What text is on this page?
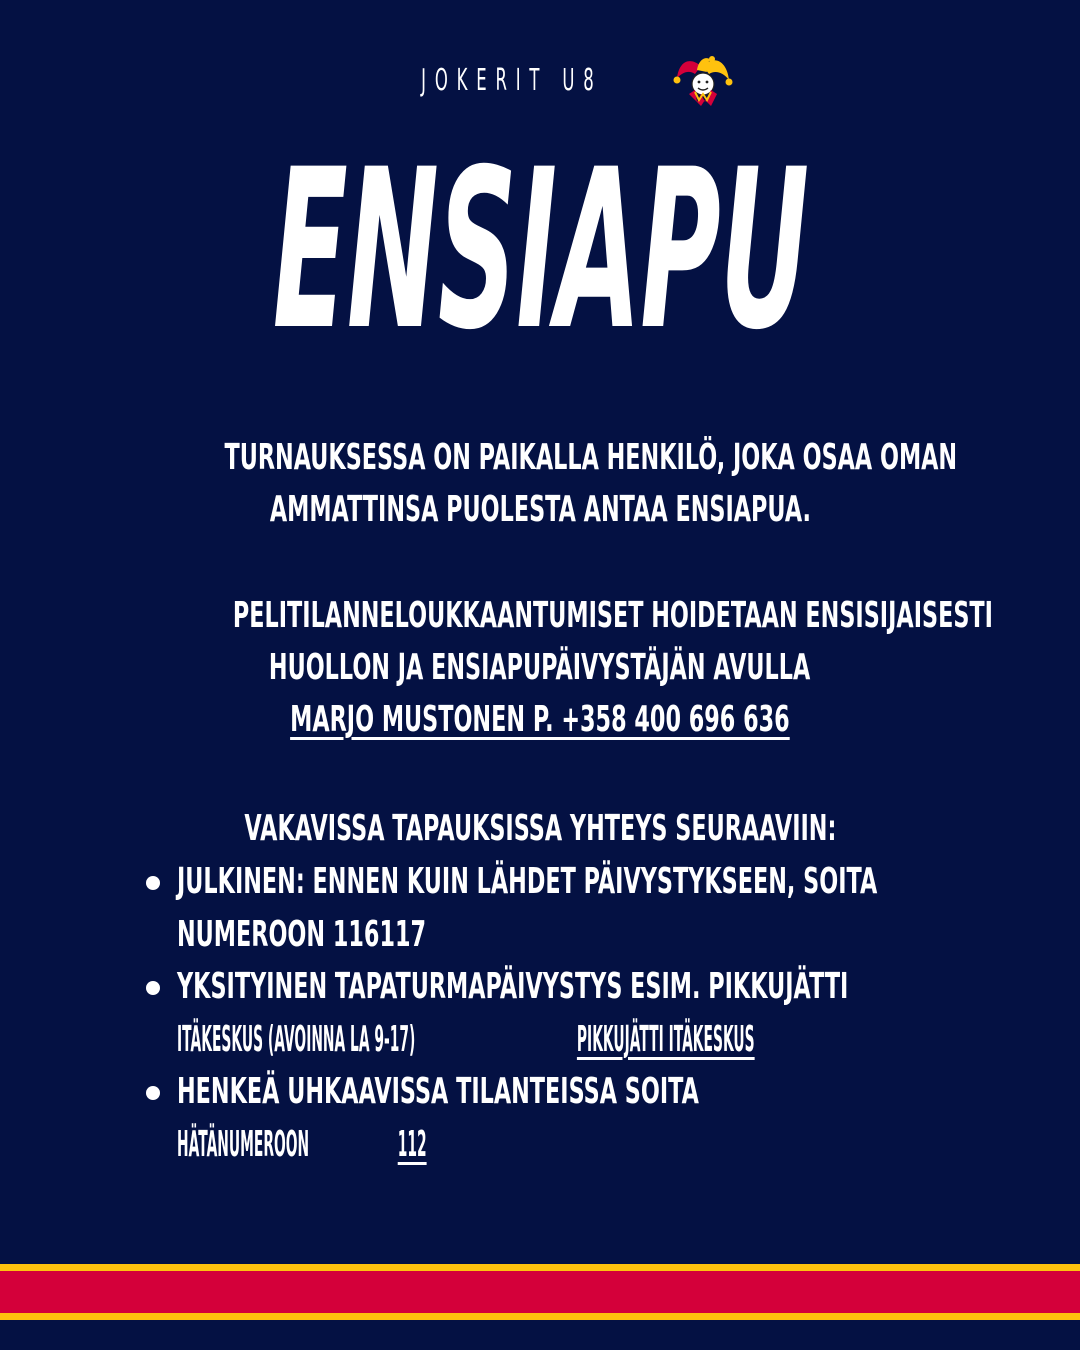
JOKERIT U8
ENSIAPU
TURNAUKSESSA ON PAIKALLA HENKILÖ, JOKA OSAA OMAN
AMMATTINSA PUOLESTA ANTAA ENSIAPUA.
PELITILANNELOUKKAANTUMISET HOIDETAAN ENSISIJAISESTI
HUOLLON JA ENSIAPUPÄIVYSTÄJÄN AVULLA
MARJO MUSTONEN P. +358 400 696 636
VAKAVISSA TAPAUKSISSA YHTEYS SEURAAVIIN:
JULKINEN: ENNEN KUIN LÄHDET PÄIVYSTYKSEEN, SOITA
NUMEROON 116117
YKSITYINEN TAPATURMAPÄIVYSTYS ESIM. PIKKUJÄTTI
ITÄKESKUS (AVOINNA LA 9-17)	PIKKUJÄTTI ITÄKESKUS
HENKEÄ UHKAAVISSA TILANTEISSA SOITA
HÄTÄNUMEROON 112
